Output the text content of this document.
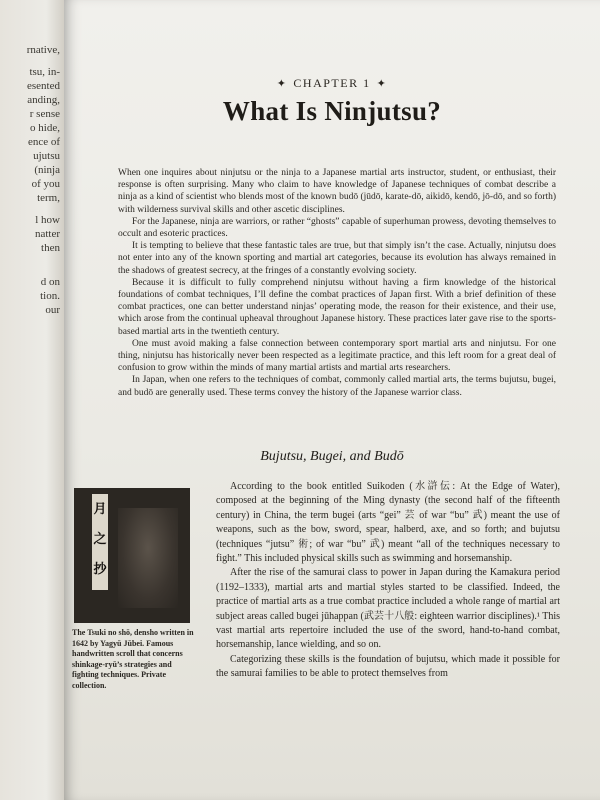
rnative,
tsu, in-
esented
anding,
r sense
o hide,
ence of
ujutsu
(ninja
of you
term,
l how
natter
then
d on
tion.
our
✦ CHAPTER 1 ✦
What Is Ninjutsu?

When one inquires about ninjutsu or the ninja to a Japanese martial arts instructor, student, or enthusiast, their response is often surprising. Many who claim to have knowledge of Japanese techniques of combat describe a ninja as a kind of scientist who blends most of the known budō (jūdō, karate-dō, aikidō, kendō, jō-dō, and so forth) with wilderness survival skills and other ascetic disciplines.

For the Japanese, ninja are warriors, or rather “ghosts” capable of superhuman prowess, devoting themselves to occult and esoteric practices.

It is tempting to believe that these fantastic tales are true, but that simply isn’t the case. Actually, ninjutsu does not enter into any of the known sporting and martial art categories, because its evolution has always remained in the shadows of greatest secrecy, at the fringes of a constantly evolving society.

Because it is difficult to fully comprehend ninjutsu without having a firm knowledge of the historical foundations of combat techniques, I’ll define the combat practices of Japan first. With a brief definition of these combat practices, one can better understand ninjas’ operating mode, the reason for their existence, and their use, which arose from the continual upheaval throughout Japanese history. These practices later gave rise to the sports-based martial arts in the twentieth century.

One must avoid making a false connection between contemporary sport martial arts and ninjutsu. For one thing, ninjutsu has historically never been respected as a legitimate practice, and this left room for a great deal of confusion to grow within the minds of many martial artists and martial arts researchers.

In Japan, when one refers to the techniques of combat, commonly called martial arts, the terms bujutsu, bugei, and budō are generally used. These terms convey the history of the Japanese warrior class.

Bujutsu, Bugei, and Budō
月
之
抄
The Tsuki no shō, densho written in 1642 by Yagyū Jūbei. Famous handwritten scroll that concerns shinkage-ryū’s strategies and fighting techniques. Private collection.

According to the book entitled Suikoden (水滸伝: At the Edge of Water), composed at the beginning of the Ming dynasty (the second half of the fifteenth century) in China, the term bugei (arts “gei” 芸 of war “bu” 武) meant the use of weapons, such as the bow, sword, spear, halberd, axe, and so forth; and bujutsu (techniques “jutsu” 術; of war “bu” 武) meant “all of the techniques necessary to fight.” This included physical skills such as swimming and horsemanship.

After the rise of the samurai class to power in Japan during the Kamakura period (1192–1333), martial arts and martial styles started to be classified. Indeed, the practice of martial arts as a true combat practice included a whole range of martial art subject areas called bugei jūhappan (武芸十八般: eighteen warrior disciplines).¹ This vast martial arts repertoire included the use of the sword, hand-to-hand combat, horsemanship, lance wielding, and so on.

Categorizing these skills is the foundation of bujutsu, which made it possible for the samurai families to be able to protect themselves from
